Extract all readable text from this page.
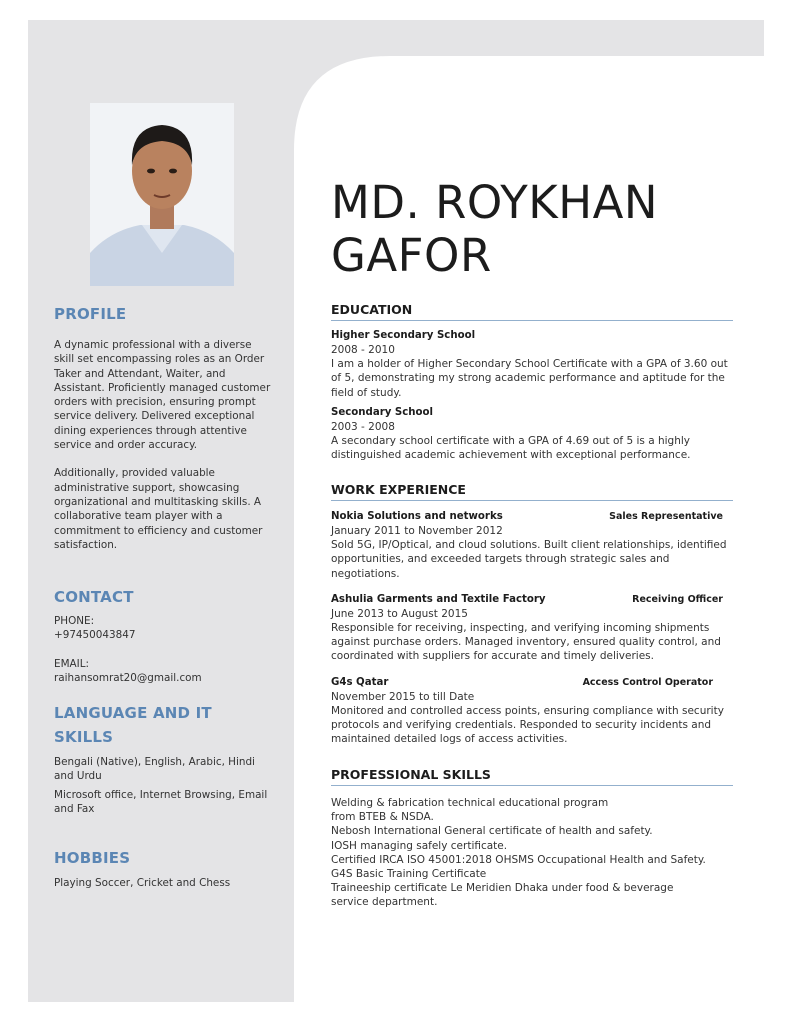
PROFILE

A dynamic professional with a diverse skill set encompassing roles as an Order Taker and Attendant, Waiter, and Assistant. Proficiently managed customer orders with precision, ensuring prompt service delivery. Delivered exceptional dining experiences through attentive service and order accuracy.

Additionally, provided valuable administrative support, showcasing organizational and multitasking skills. A collaborative team player with a commitment to efficiency and customer satisfaction.

CONTACT

PHONE:

+97450043847

EMAIL:

raihansomrat20@gmail.com

LANGUAGE AND IT SKILLS

Bengali (Native), English, Arabic, Hindi and Urdu

Microsoft office, Internet Browsing, Email and Fax

HOBBIES

Playing Soccer, Cricket and Chess

MD. ROYKHAN
GAFOR
EDUCATION
Higher Secondary School

2008 - 2010

I am a holder of Higher Secondary School Certificate with a GPA of 3.60 out of 5, demonstrating my strong academic performance and aptitude for the field of study.

Secondary School

2003 - 2008

A secondary school certificate with a GPA of 4.69 out of 5 is a highly distinguished academic achievement with exceptional performance.

WORK EXPERIENCE
Nokia Solutions and networks	Sales Representative

January 2011 to November 2012

Sold 5G, IP/Optical, and cloud solutions. Built client relationships, identified opportunities, and exceeded targets through strategic sales and negotiations.

Ashulia Garments and Textile Factory	Receiving Officer

June 2013 to August 2015

Responsible for receiving, inspecting, and verifying incoming shipments against purchase orders. Managed inventory, ensured quality control, and coordinated with suppliers for accurate and timely deliveries.

G4s Qatar	Access Control Operator

November 2015 to till Date

Monitored and controlled access points, ensuring compliance with security protocols and verifying credentials. Responded to security incidents and maintained detailed logs of access activities.

PROFESSIONAL SKILLS

Welding & fabrication technical educational program

from BTEB & NSDA.

Nebosh International General certificate of health and safety.

IOSH managing safely certificate.

Certified IRCA ISO 45001:2018 OHSMS Occupational Health and Safety.

G4S Basic Training Certificate

Traineeship certificate Le Meridien Dhaka under food & beverage

service department.
